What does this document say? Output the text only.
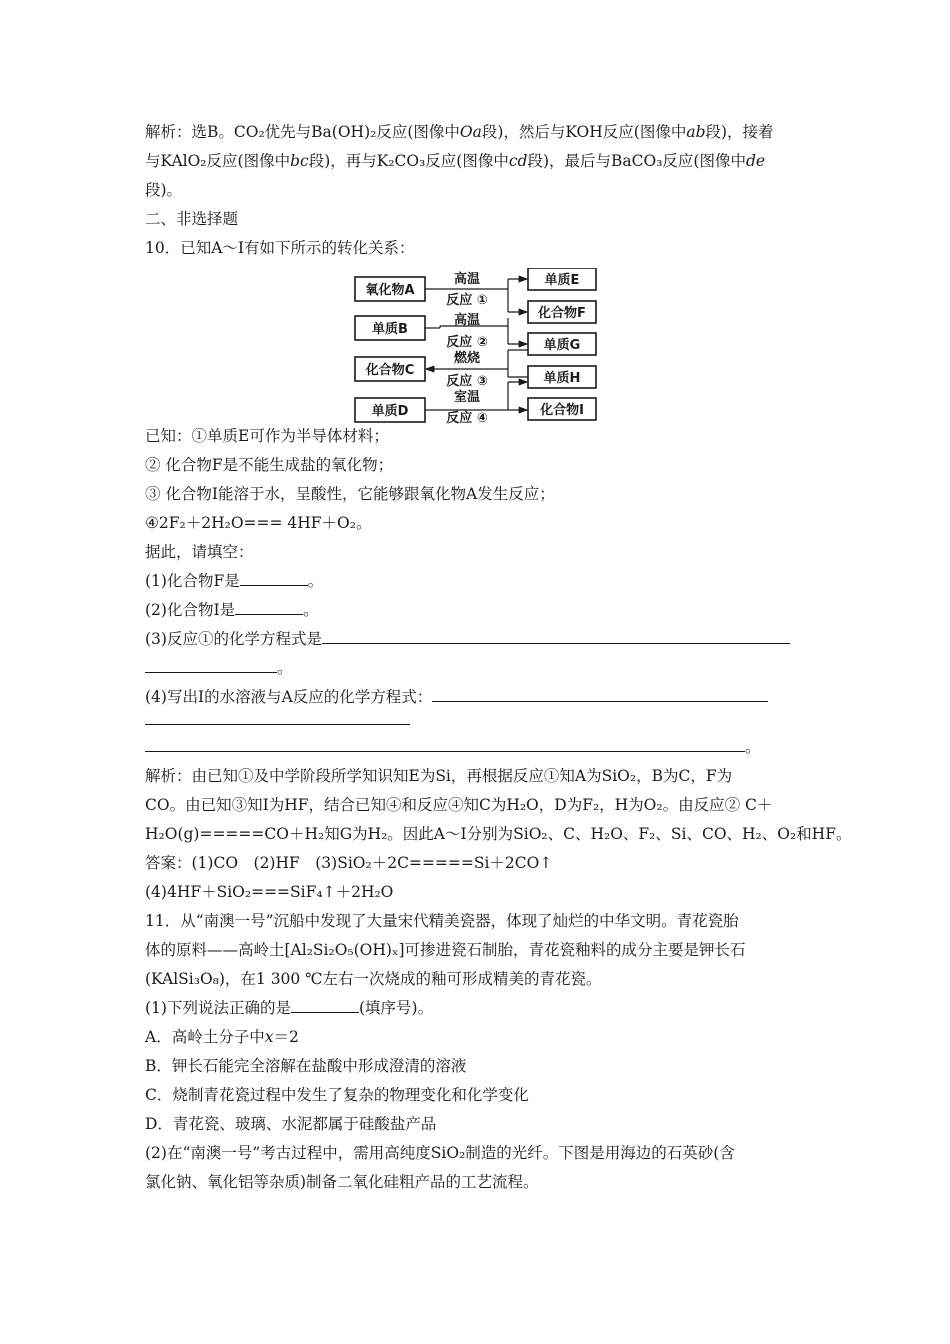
解析：选B。CO₂优先与Ba(OH)₂反应(图像中Oa段)，然后与KOH反应(图像中ab段)，接着
与KAlO₂反应(图像中bc段)，再与K₂CO₃反应(图像中cd段)，最后与BaCO₃反应(图像中de
段)。
二、非选择题
10．已知A～I有如下所示的转化关系：
氧化物A
单质B
化合物C
单质D
单质E
化合物F
单质G
单质H
化合物I
高温
反应 ①
高温
反应 ②
燃烧
反应 ③
室温
反应 ④
已知：①单质E可作为半导体材料；
② 化合物F是不能生成盐的氧化物；
③ 化合物I能溶于水，呈酸性，它能够跟氧化物A发生反应；
④2F₂＋2H₂O=== 4HF＋O₂。
据此，请填空：
(1)化合物F是	。
(2)化合物I是	。
(3)反应①的化学方程式是
。
(4)写出I的水溶液与A反应的化学方程式：
。
解析：由已知①及中学阶段所学知识知E为Si，再根据反应①知A为SiO₂，B为C，F为
CO。由已知③知I为HF，结合已知④和反应④知C为H₂O，D为F₂，H为O₂。由反应② C＋
H₂O(g)=====CO＋H₂知G为H₂。因此A～I分别为SiO₂、C、H₂O、F₂、Si、CO、H₂、O₂和HF。
答案：(1)CO　(2)HF　(3)SiO₂＋2C=====Si＋2CO↑
(4)4HF＋SiO₂===SiF₄↑＋2H₂O
11．从“南澳一号”沉船中发现了大量宋代精美瓷器，体现了灿烂的中华文明。青花瓷胎
体的原料——高岭土[Al₂Si₂O₅(OH)ₓ]可掺进瓷石制胎，青花瓷釉料的成分主要是钾长石
(KAlSi₃O₈)，在1 300 ℃左右一次烧成的釉可形成精美的青花瓷。
(1)下列说法正确的是	(填序号)。
A．高岭土分子中x＝2
B．钾长石能完全溶解在盐酸中形成澄清的溶液
C．烧制青花瓷过程中发生了复杂的物理变化和化学变化
D．青花瓷、玻璃、水泥都属于硅酸盐产品
(2)在“南澳一号”考古过程中，需用高纯度SiO₂制造的光纤。下图是用海边的石英砂(含
氯化钠、氧化铝等杂质)制备二氧化硅粗产品的工艺流程。
